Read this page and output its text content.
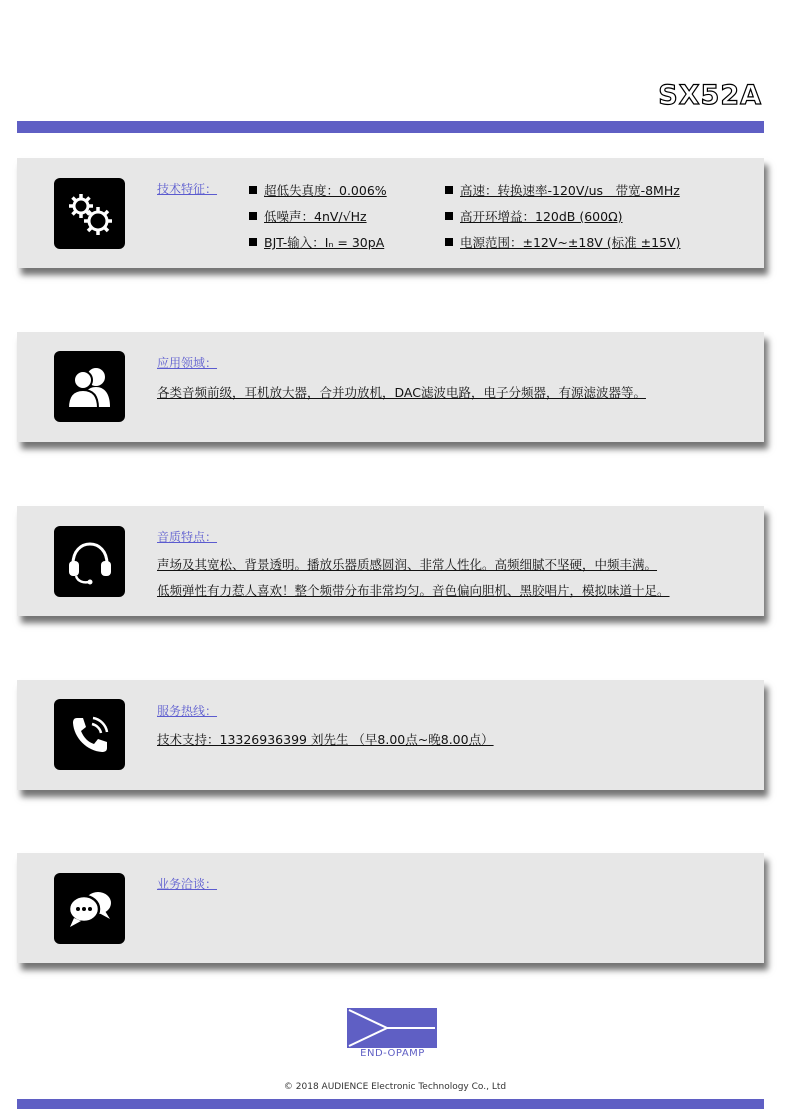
SX52A
技术特征：	超低失真度：0.006%
低噪声：4nV/√Hz
BJT-输入：Iₙ = 30pA
高速：转换速率-120V/us　带宽-8MHz
高开环增益：120dB (600Ω)
电源范围：±12V~±18V (标准 ±15V)
应用领域：
各类音频前级，耳机放大器，合并功放机，DAC滤波电路，电子分频器，有源滤波器等。
音质特点：
声场及其宽松、背景透明。播放乐器质感圆润、非常人性化。高频细腻不坚硬，中频丰满。
低频弹性有力惹人喜欢！整个频带分布非常均匀。音色偏向胆机、黑胶唱片，模拟味道十足。
服务热线：
技术支持：13326936399 刘先生 （早8.00点~晚8.00点）
业务洽谈：
END-OPAMP
© 2018 AUDIENCE Electronic Technology Co., Ltd
